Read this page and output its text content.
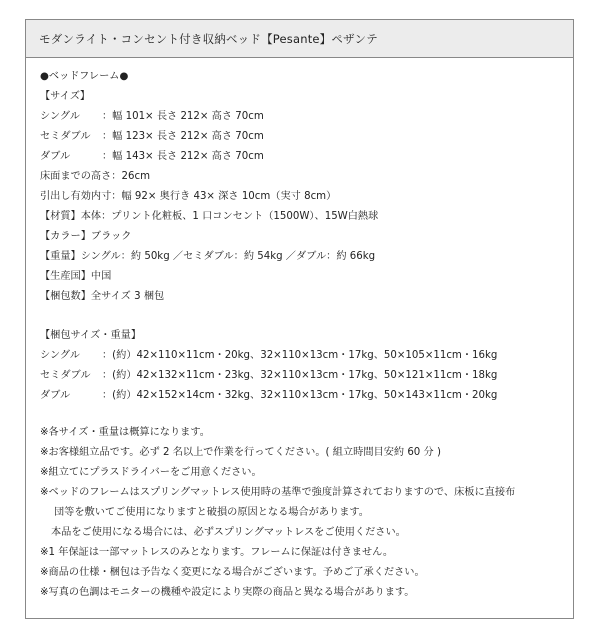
モダンライト・コンセント付き収納ベッド【Pesante】ペザンテ
●ベッドフレーム●
【サイズ】
シングル ：幅 101× 長さ 212× 高さ 70cm
セミダブル ：幅 123× 長さ 212× 高さ 70cm
ダブル	：幅 143× 長さ 212× 高さ 70cm
床面までの高さ：26cm
引出し有効内寸：幅 92× 奥行き 43× 深さ 10cm（実寸 8cm）
【材質】本体：プリント化粧板、1 口コンセント（1500W）、15W白熱球
【カラー】ブラック
【重量】シングル：約 50kg ／セミダブル：約 54kg ／ダブル：約 66kg
【生産国】中国
【梱包数】全サイズ 3 梱包
【梱包サイズ・重量】
シングル ：(約）42×110×11cm・20kg、32×110×13cm・17kg、50×105×11cm・16kg
セミダブル ：(約）42×132×11cm・23kg、32×110×13cm・17kg、50×121×11cm・18kg
ダブル	：(約）42×152×14cm・32kg、32×110×13cm・17kg、50×143×11cm・20kg
※各サイズ・重量は概算になります。
※お客様組立品です。必ず 2 名以上で作業を行ってください。( 組立時間目安約 60 分 )
※組立てにプラスドライバーをご用意ください。
※ベッドのフレームはスプリングマットレス使用時の基準で強度計算されておりますので、床板に直接布
団等を敷いてご使用になりますと破損の原因となる場合があります。
本品をご使用になる場合には、必ずスプリングマットレスをご使用ください。
※1 年保証は一部マットレスのみとなります。フレームに保証は付きません。
※商品の仕様・梱包は予告なく変更になる場合がございます。予めご了承ください。
※写真の色調はモニターの機種や設定により実際の商品と異なる場合があります。
